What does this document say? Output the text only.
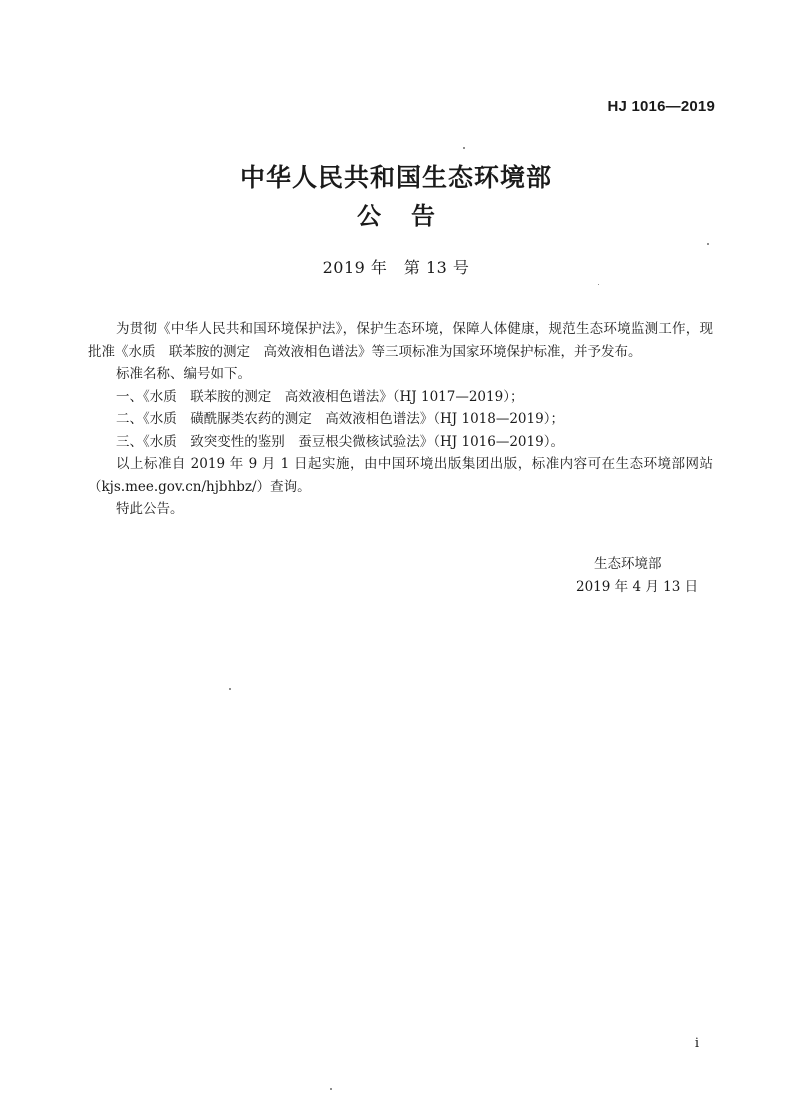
HJ 1016—2019
中华人民共和国生态环境部
公告
2019 年　第 13 号

为贯彻《中华人民共和国环境保护法》，保护生态环境，保障人体健康，规范生态环境监测工作，现批准《水质　联苯胺的测定　高效液相色谱法》等三项标准为国家环境保护标准，并予发布。

标准名称、编号如下。

一、《水质　联苯胺的测定　高效液相色谱法》（HJ 1017—2019）；

二、《水质　磺酰脲类农药的测定　高效液相色谱法》（HJ 1018—2019）；

三、《水质　致突变性的鉴别　蚕豆根尖微核试验法》（HJ 1016—2019）。

以上标准自 2019 年 9 月 1 日起实施，由中国环境出版集团出版，标准内容可在生态环境部网站（kjs.mee.gov.cn/hjbhbz/）查询。

特此公告。

生态环境部
2019 年 4 月 13 日
i
